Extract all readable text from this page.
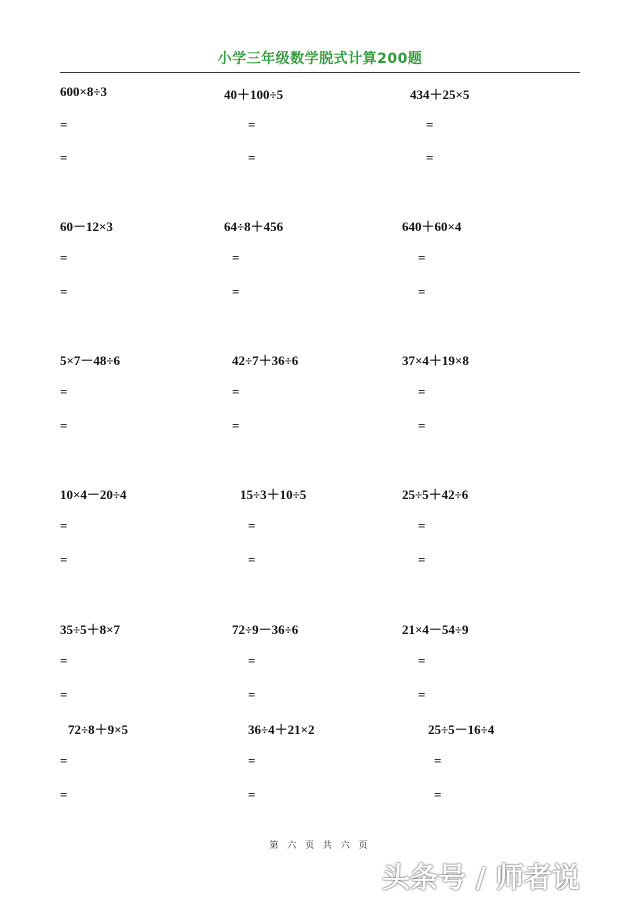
小学三年级数学脱式计算200题
600×8÷3
=
=
40＋100÷5
=
=
434＋25×5
=
=
60－12×3
=
=
64÷8＋456
=
=
640＋60×4
=
=
5×7－48÷6
=
=
42÷7＋36÷6
=
=
37×4＋19×8
=
=
10×4－20÷4
=
=
15÷3＋10÷5
=
=
25÷5＋42÷6
=
=
35÷5＋8×7
=
=
72÷9－36÷6
=
=
21×4－54÷9
=
=
72÷8＋9×5
=
=
36÷4＋21×2
=
=
25÷5－16÷4
=
=
第 六 页 共 六 页
头条号 / 师者说
